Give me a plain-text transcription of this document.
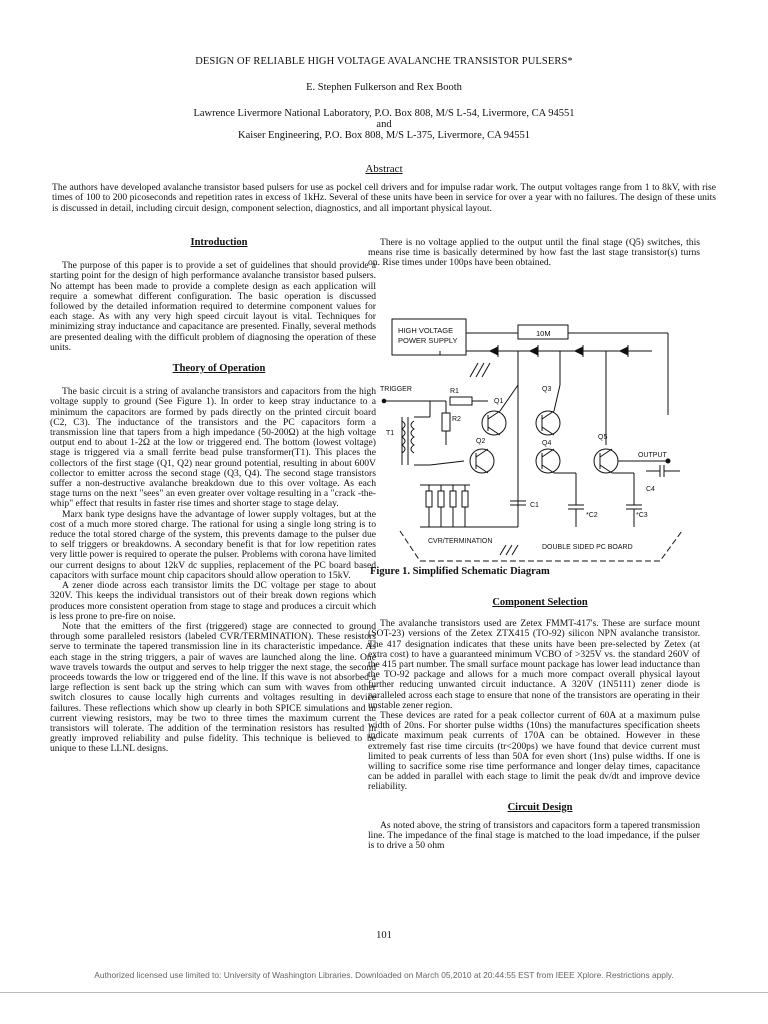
DESIGN OF RELIABLE HIGH VOLTAGE AVALANCHE TRANSISTOR PULSERS*
E. Stephen Fulkerson and Rex Booth
Lawrence Livermore National Laboratory, P.O. Box 808, M/S L-54, Livermore, CA 94551
and
Kaiser Engineering, P.O. Box 808, M/S L-375, Livermore, CA 94551
Abstract
The authors have developed avalanche transistor based pulsers for use as pockel cell drivers and for impulse radar work. The output voltages range from 1 to 8kV, with rise times of 100 to 200 picoseconds and repetition rates in excess of 1kHz. Several of these units have been in service for over a year with no failures. The design of these units is discussed in detail, including circuit design, component selection, diagnostics, and all important physical layout.

Introduction

The purpose of this paper is to provide a set of guidelines that should provide a starting point for the design of high performance avalanche transistor based pulsers. No attempt has been made to provide a complete design as each application will require a somewhat different configuration. The basic operation is discussed followed by the detailed information required to determine component values for each stage. As with any very high speed circuit layout is vital. Techniques for minimizing stray inductance and capacitance are presented. Finally, several methods are presented dealing with the difficult problem of diagnosing the operation of these units.

Theory of Operation

The basic circuit is a string of avalanche transistors and capacitors from the high voltage supply to ground (See Figure 1). In order to keep stray inductance to a minimum the capacitors are formed by pads directly on the printed circuit board (C2, C3). The inductance of the transistors and the PC capacitors form a transmission line that tapers from a high impedance (50-200Ω) at the high voltage output end to about 1-2Ω at the low or triggered end. The bottom (lowest voltage) stage is triggered via a small ferrite bead pulse transformer(T1). This places the collectors of the first stage (Q1, Q2) near ground potential, resulting in about 600V collector to emitter across the second stage (Q3, Q4). The second stage transistors suffer a non-destructive avalanche breakdown due to this over voltage. As each stage turns on the next "sees" an even greater over voltage resulting in a "crack -the-whip" effect that results in faster rise times and shorter stage to stage delay.

Marx bank type designs have the advantage of lower supply voltages, but at the cost of a much more stored charge. The rational for using a single long string is to reduce the total stored charge of the system, this prevents damage to the pulser due to self triggers or breakdowns. A secondary benefit is that for low repetition rates very little power is required to operate the pulser. Problems with corona have limited our current designs to about 12kV dc supplies, replacement of the PC board based capacitors with surface mount chip capacitors should allow operation to 15kV.

A zener diode across each transistor limits the DC voltage per stage to about 320V. This keeps the individual transistors out of their break down regions which produces more consistent operation from stage to stage and produces a circuit which is less prone to pre-fire on noise.

Note that the emitters of the first (triggered) stage are connected to ground through some paralleled resistors (labeled CVR/TERMINATION). These resistors serve to terminate the tapered transmission line in its characteristic impedance. As each stage in the string triggers, a pair of waves are launched along the line. One wave travels towards the output and serves to help trigger the next stage, the second proceeds towards the low or triggered end of the line. If this wave is not absorbed a large reflection is sent back up the string which can sum with waves from other switch closures to cause locally high currents and voltages resulting in device failures. These reflections which show up clearly in both SPICE simulations and in current viewing resistors, may be two to three times the maximum current the transistors will tolerate. The addition of the termination resistors has resulted in greatly improved reliability and pulse fidelity. This technique is believed to be unique to these LLNL designs.

There is no voltage applied to the output until the final stage (Q5) switches, this means rise time is basically determined by how fast the last stage transistor(s) turns on. Rise times under 100ps have been obtained.

HIGH VOLTAGE
POWER SUPPLY
10M
TRIGGER	R1
R2
T1
Q1
Q2
Q3
Q4
Q5
OUTPUT
C4
C1
*C2	*C3
CVR/TERMINATION
DOUBLE SIDED PC BOARD
Figure 1. Simplified Schematic Diagram

Component Selection

The avalanche transistors used are Zetex FMMT-417's. These are surface mount (SOT-23) versions of the Zetex ZTX415 (TO-92) silicon NPN avalanche transistor. The 417 designation indicates that these units have been pre-selected by Zetex (at extra cost) to have a guaranteed minimum VCBO of >325V vs. the standard 260V of the 415 part number. The small surface mount package has lower lead inductance than the TO-92 package and allows for a much more compact overall physical layout further reducing unwanted circuit inductance. A 320V (1N5111) zener diode is paralleled across each stage to ensure that none of the transistors are operating in their unstable zener region.

These devices are rated for a peak collector current of 60A at a maximum pulse width of 20ns. For shorter pulse widths (10ns) the manufactures specification sheets indicate maximum peak currents of 170A can be obtained. However in these extremely fast rise time circuits (tr<200ps) we have found that device current must limited to peak currents of less than 50A for even short (1ns) pulse widths. If one is willing to sacrifice some rise time performance and longer delay times, capacitance can be added in parallel with each stage to limit the peak dv/dt and improve device reliability.

Circuit Design

As noted above, the string of transistors and capacitors form a tapered transmission line. The impedance of the final stage is matched to the load impedance, if the pulser is to drive a 50 ohm

101
Authorized licensed use limited to: University of Washington Libraries. Downloaded on March 05,2010 at 20:44:55 EST from IEEE Xplore. Restrictions apply.
